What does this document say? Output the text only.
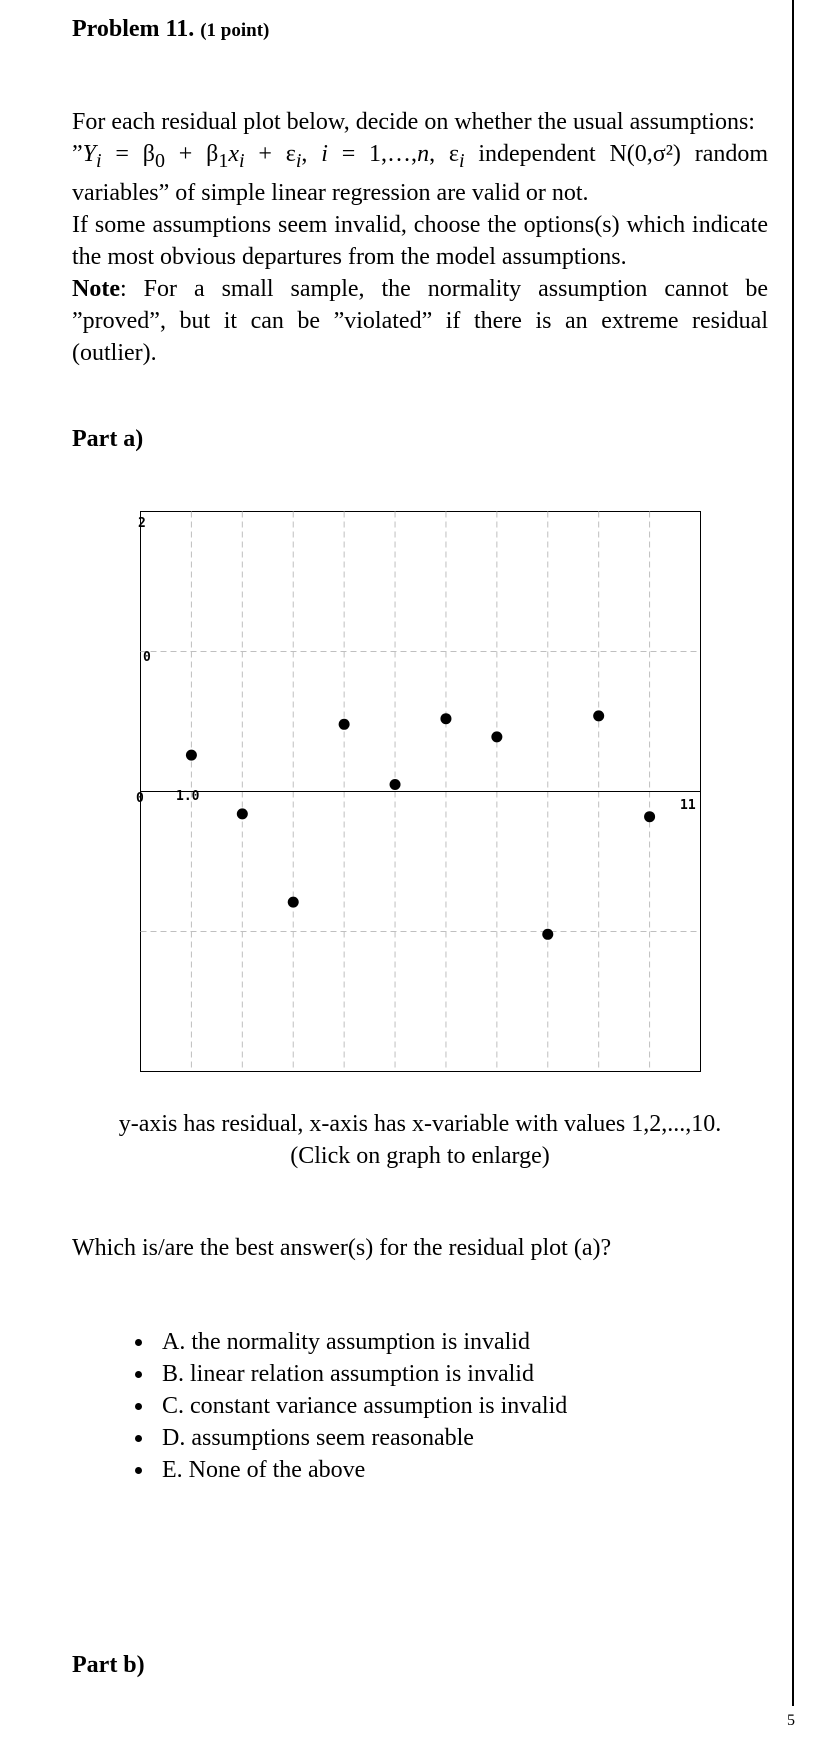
Problem 11. (1 point)

For each residual plot below, decide on whether the usual assumptions:

$”Y_i = \beta_0 + \beta_1x_i + \varepsilon_i$, i = 1,…,n, $\varepsilon_i$ independent N(0,σ²) random variables” of simple linear regression are valid or not.

If some assumptions seem invalid, choose the options(s) which indicate the most obvious departures from the model assumptions.

Note: For a small sample, the normality assumption cannot be ”proved”, but it can be ”violated” if there is an extreme residual (outlier).

Part a)
2
0
0 1.0
11
y-axis has residual, x-axis has x-variable with values 1,2,...,10.
(Click on graph to enlarge)
Which is/are the best answer(s) for the residual plot (a)?
A. the normality assumption is invalid
B. linear relation assumption is invalid
C. constant variance assumption is invalid
D. assumptions seem reasonable
E. None of the above
Part b)
5
